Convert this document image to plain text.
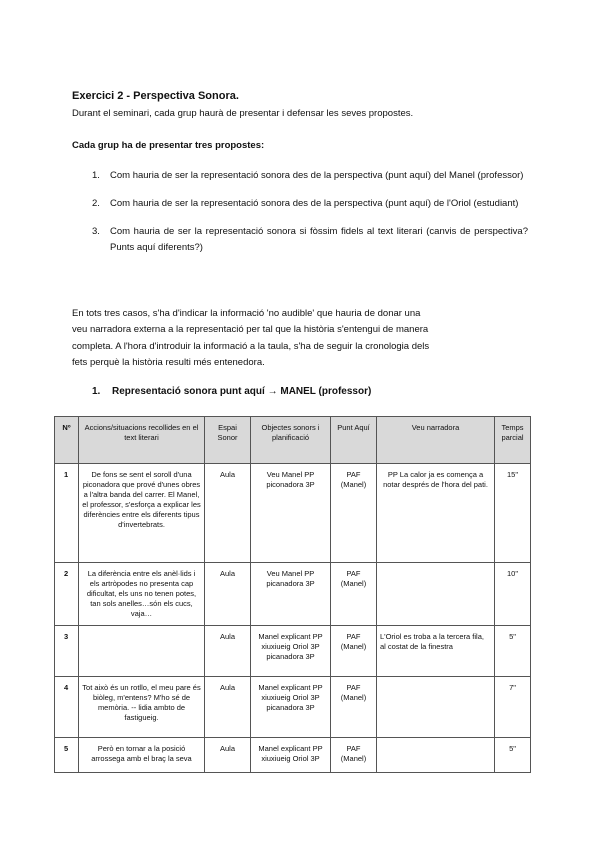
Exercici 2 - Perspectiva Sonora.
Durant el seminari, cada grup haurà de presentar i defensar les seves propostes.
Cada grup ha de presentar tres propostes:
1. Com hauria de ser la representació sonora des de la perspectiva (punt aquí) del Manel (professor)
2. Com hauria de ser la representació sonora des de la perspectiva (punt aquí) de l'Oriol (estudiant)
3. Com hauria de ser la representació sonora si fòssim fidels al text literari (canvis de perspectiva? Punts aquí diferents?)
En tots tres casos, s'ha d'indicar la informació 'no audible' que hauria de donar una
veu narradora externa a la representació per tal que la història s'entengui de manera
completa. A l'hora d'introduir la informació a la taula, s'ha de seguir la cronologia dels
fets perquè la història resulti més entenedora.
1. Representació sonora punt aquí → MANEL (professor)
Nº	Accions/situacions recollides en el text literari	Espai Sonor	Objectes sonors i planificació	Punt Aquí	Veu narradora	Temps parcial
1	De fons se sent el soroll d'una piconadora que prové d'unes obres a l'altra banda del carrer. El Manel, el professor, s'esforça a explicar les diferències entre els diferents tipus d'invertebrats.	Aula	Veu Manel PP piconadora 3P	PAF (Manel)	PP La calor ja es comença a notar després de l'hora del pati.	15"
2	La diferència entre els anèl·lids i els artròpodes no presenta cap dificultat, els uns no tenen potes, tan sols anelles…són els cucs, vaja…	Aula	Veu Manel PP picanadora 3P	PAF (Manel)		10"
3		Aula	Manel explicant PP xiuxiueig Oriol 3P picanadora 3P	PAF (Manel)	L'Oriol es troba a la tercera fila, al costat de la finestra	5"
4	Tot això és un rotllo, el meu pare és biòleg, m'entens? M'ho sé de memòria. -- lidia ambto de fastigueig.	Aula	Manel explicant PP xiuxiueig Oriol 3P picanadora 3P	PAF (Manel)		7"
5	Però en tornar a la posició arrossega amb el braç la seva	Aula	Manel explicant PP xiuxiueig Oriol 3P	PAF (Manel)		5"
